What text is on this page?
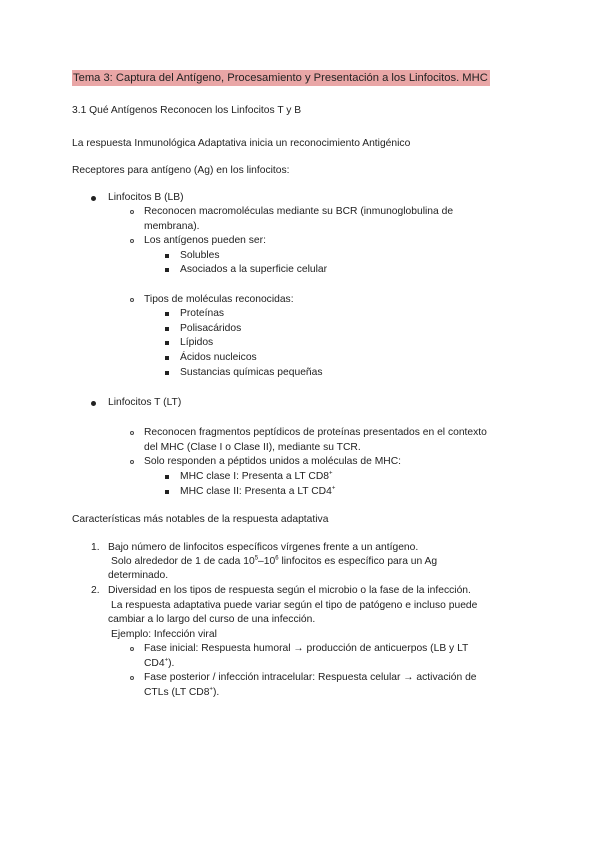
Tema 3: Captura del Antígeno, Procesamiento y Presentación a los Linfocitos. MHC
3.1 Qué Antígenos Reconocen los Linfocitos T y B
La respuesta Inmunológica Adaptativa inicia un reconocimiento Antigénico
Receptores para antígeno (Ag) en los linfocitos:
Linfocitos B (LB)
Reconocen macromoléculas mediante su BCR (inmunoglobulina de
membrana).
Los antígenos pueden ser:
Solubles
Asociados a la superficie celular
Tipos de moléculas reconocidas:
Proteínas
Polisacáridos
Lípidos
Ácidos nucleicos
Sustancias químicas pequeñas
Linfocitos T (LT)
Reconocen fragmentos peptídicos de proteínas presentados en el contexto
del MHC (Clase I o Clase II), mediante su TCR.
Solo responden a péptidos unidos a moléculas de MHC:
MHC clase I: Presenta a LT CD8+
MHC clase II: Presenta a LT CD4+
Características más notables de la respuesta adaptativa
1. Bajo número de linfocitos específicos vírgenes frente a un antígeno.
Solo alrededor de 1 de cada $10^5-10^6$ linfocitos es específico para un Ag
determinado.
2. Diversidad en los tipos de respuesta según el microbio o la fase de la infección.
La respuesta adaptativa puede variar según el tipo de patógeno e incluso puede
cambiar a lo largo del curso de una infección.
Ejemplo: Infección viral
Fase inicial: Respuesta humoral → producción de anticuerpos (LB y LT
CD4+).
Fase posterior / infección intracelular: Respuesta celular → activación de
CTLs (LT CD8+).
